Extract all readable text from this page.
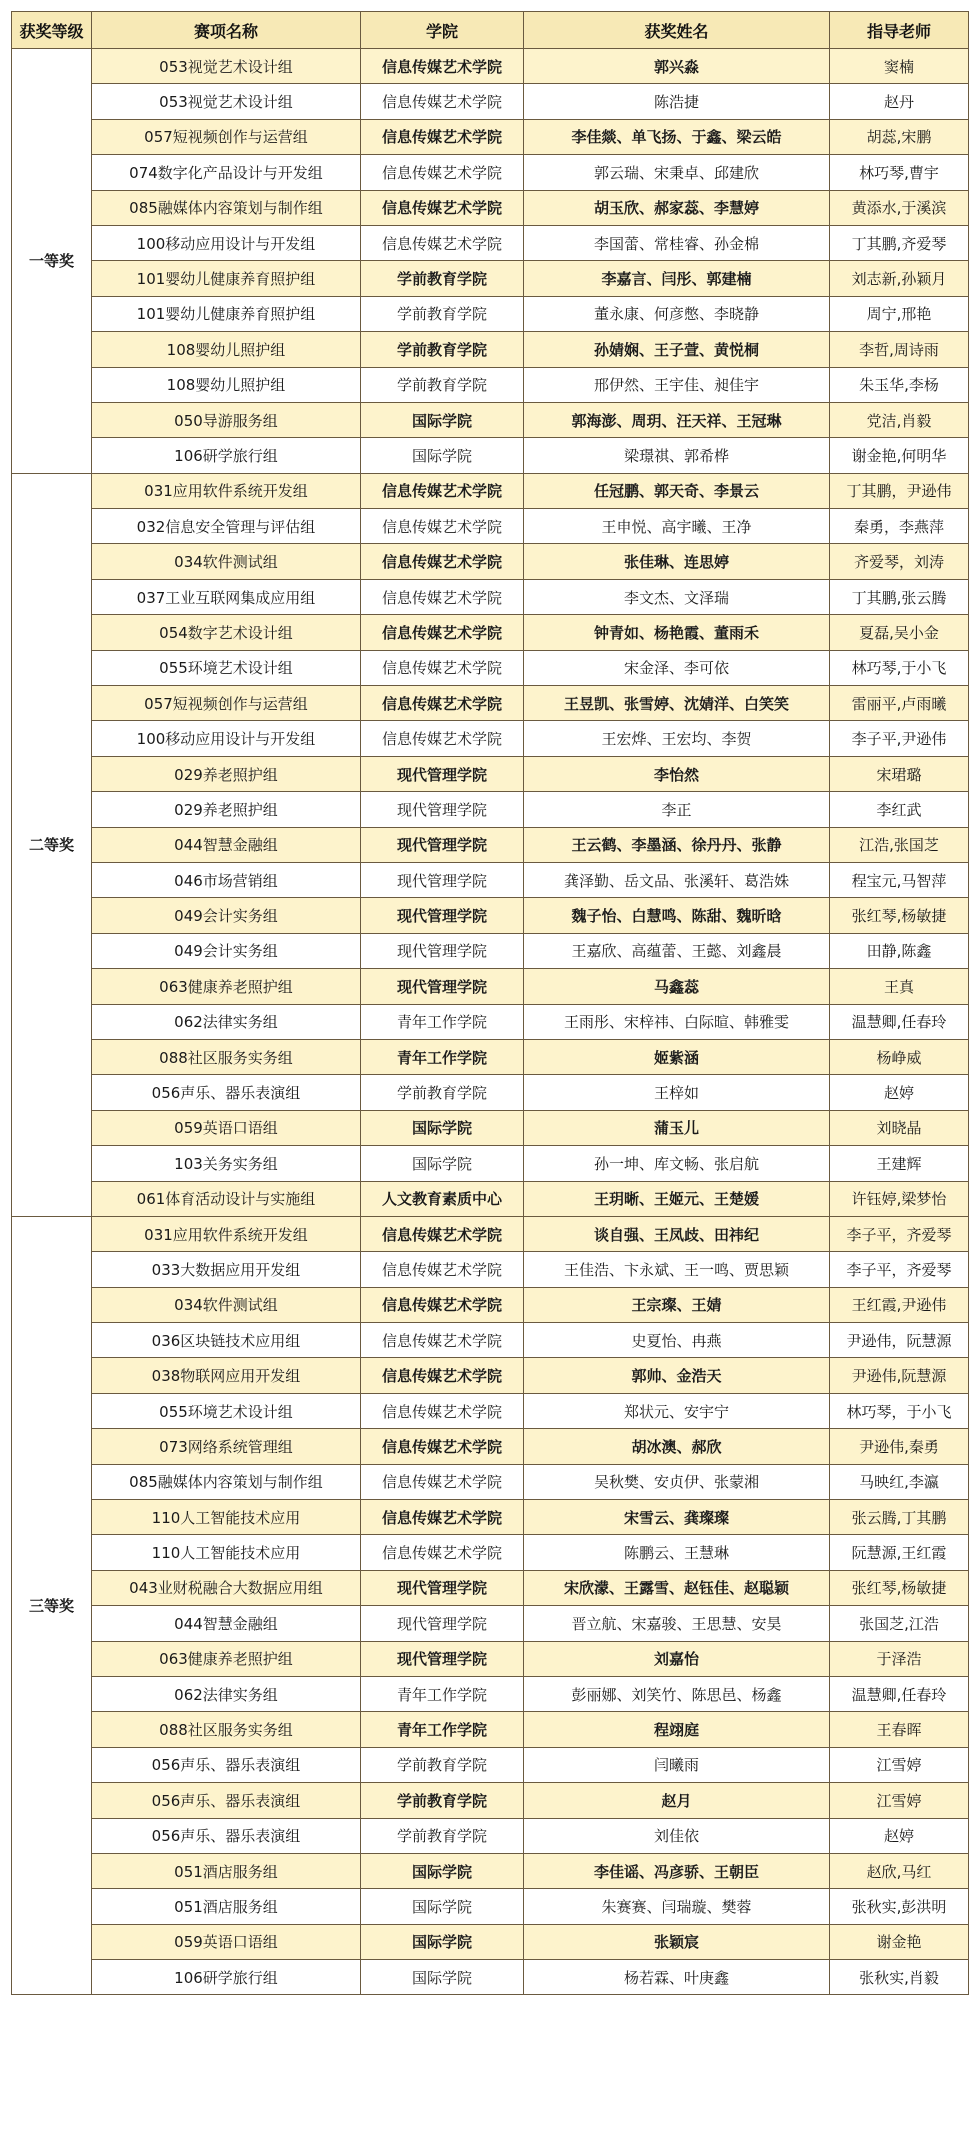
获奖等级	赛项名称	学院	获奖姓名	指导老师
一等奖	053视觉艺术设计组	信息传媒艺术学院	郭兴淼	窦楠
	053视觉艺术设计组	信息传媒艺术学院	陈浩捷	赵丹
	057短视频创作与运营组	信息传媒艺术学院	李佳燚、单飞扬、于鑫、梁云皓	胡蕊,宋鹏
	074数字化产品设计与开发组	信息传媒艺术学院	郭云瑞、宋秉卓、邱建欣	林巧琴,曹宇
	085融媒体内容策划与制作组	信息传媒艺术学院	胡玉欣、郝家蕊、李慧婷	黄添水,于溪滨
	100移动应用设计与开发组	信息传媒艺术学院	李国蕾、常桂睿、孙金棉	丁其鹏,齐爱琴
	101婴幼儿健康养育照护组	学前教育学院	李嘉言、闫彤、郭建楠	刘志新,孙颖月
	101婴幼儿健康养育照护组	学前教育学院	董永康、何彦憋、李晓静	周宁,邢艳
	108婴幼儿照护组	学前教育学院	孙婧娴、王子萱、黄悦桐	李哲,周诗雨
	108婴幼儿照护组	学前教育学院	邢伊然、王宇佳、昶佳宇	朱玉华,李杨
	050导游服务组	国际学院	郭海澎、周玥、汪天祥、王冠琳	党洁,肖毅
	106研学旅行组	国际学院	梁璟祺、郭希桦	谢金艳,何明华
二等奖	031应用软件系统开发组	信息传媒艺术学院	任冠鹏、郭天奇、李景云	丁其鹏，尹逊伟
	032信息安全管理与评估组	信息传媒艺术学院	王申悦、高宇曦、王净	秦勇，李燕萍
	034软件测试组	信息传媒艺术学院	张佳琳、连思婷	齐爱琴，刘涛
	037工业互联网集成应用组	信息传媒艺术学院	李文杰、文泽瑞	丁其鹏,张云腾
	054数字艺术设计组	信息传媒艺术学院	钟青如、杨艳霞、董雨禾	夏磊,吴小金
	055环境艺术设计组	信息传媒艺术学院	宋金泽、李可依	林巧琴,于小飞
	057短视频创作与运营组	信息传媒艺术学院	王昱凯、张雪婷、沈婧洋、白笑笑	雷丽平,卢雨曦
	100移动应用设计与开发组	信息传媒艺术学院	王宏烨、王宏均、李贺	李子平,尹逊伟
	029养老照护组	现代管理学院	李怡然	宋珺璐
	029养老照护组	现代管理学院	李正	李红武
	044智慧金融组	现代管理学院	王云鹤、李墨涵、徐丹丹、张静	江浩,张国芝
	046市场营销组	现代管理学院	龚泽勤、岳文品、张溪轩、葛浩姝	程宝元,马智萍
	049会计实务组	现代管理学院	魏子怡、白慧鸣、陈甜、魏昕晗	张红琴,杨敏捷
	049会计实务组	现代管理学院	王嘉欣、高蕴蕾、王懿、刘鑫晨	田静,陈鑫
	063健康养老照护组	现代管理学院	马鑫蕊	王真
	062法律实务组	青年工作学院	王雨彤、宋梓祎、白际暄、韩雅雯	温慧卿,任春玲
	088社区服务实务组	青年工作学院	姬紫涵	杨峥威
	056声乐、器乐表演组	学前教育学院	王梓如	赵婷
	059英语口语组	国际学院	蒲玉儿	刘晓晶
	103关务实务组	国际学院	孙一坤、库文畅、张启航	王建辉
	061体育活动设计与实施组	人文教育素质中心	王玥晰、王姬元、王楚媛	许钰婷,梁梦怡
三等奖	031应用软件系统开发组	信息传媒艺术学院	谈自强、王凤歧、田祎纪	李子平，齐爱琴
	033大数据应用开发组	信息传媒艺术学院	王佳浩、卞永斌、王一鸣、贾思颖	李子平，齐爱琴
	034软件测试组	信息传媒艺术学院	王宗璨、王婧	王红霞,尹逊伟
	036区块链技术应用组	信息传媒艺术学院	史夏怡、冉燕	尹逊伟，阮慧源
	038物联网应用开发组	信息传媒艺术学院	郭帅、金浩天	尹逊伟,阮慧源
	055环境艺术设计组	信息传媒艺术学院	郑状元、安宇宁	林巧琴，于小飞
	073网络系统管理组	信息传媒艺术学院	胡冰澳、郝欣	尹逊伟,秦勇
	085融媒体内容策划与制作组	信息传媒艺术学院	吴秋樊、安贞伊、张蒙湘	马映红,李瀛
	110人工智能技术应用	信息传媒艺术学院	宋雪云、龚璨璨	张云腾,丁其鹏
	110人工智能技术应用	信息传媒艺术学院	陈鹏云、王慧琳	阮慧源,王红霞
	043业财税融合大数据应用组	现代管理学院	宋欣濛、王露雪、赵钰佳、赵聪颖	张红琴,杨敏捷
	044智慧金融组	现代管理学院	晋立航、宋嘉骏、王思慧、安昊	张国芝,江浩
	063健康养老照护组	现代管理学院	刘嘉怡	于泽浩
	062法律实务组	青年工作学院	彭丽娜、刘笑竹、陈思邑、杨鑫	温慧卿,任春玲
	088社区服务实务组	青年工作学院	程翊庭	王春晖
	056声乐、器乐表演组	学前教育学院	闫曦雨	江雪婷
	056声乐、器乐表演组	学前教育学院	赵月	江雪婷
	056声乐、器乐表演组	学前教育学院	刘佳依	赵婷
	051酒店服务组	国际学院	李佳谣、冯彦骄、王朝臣	赵欣,马红
	051酒店服务组	国际学院	朱赛赛、闫瑞璇、樊蓉	张秋实,彭洪明
	059英语口语组	国际学院	张颖宸	谢金艳
	106研学旅行组	国际学院	杨若霖、叶庚鑫	张秋实,肖毅
